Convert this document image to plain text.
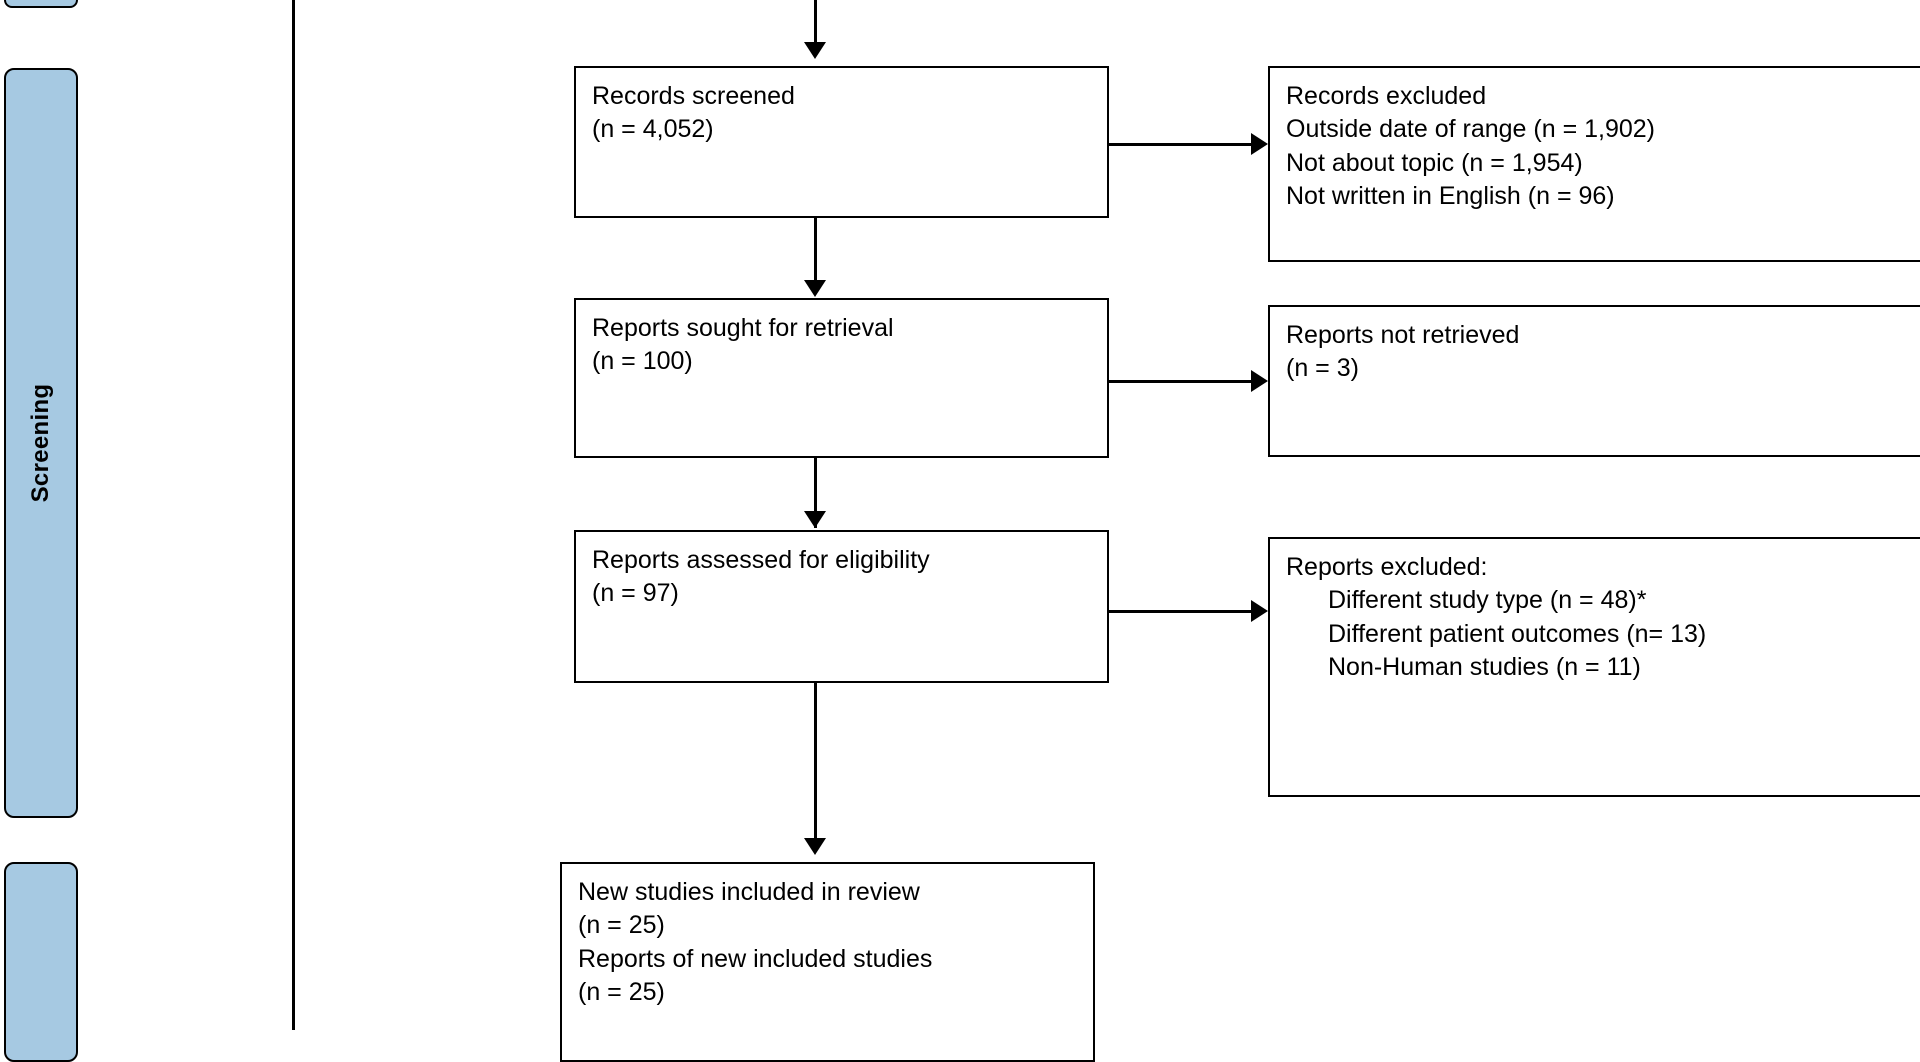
Screening
Records screened
(n = 4,052)
Records excluded
Outside date of range (n = 1,902)
Not about topic (n = 1,954)
Not written in English (n = 96)
Reports sought for retrieval
(n = 100)
Reports not retrieved
(n = 3)
Reports assessed for eligibility
(n = 97)
Reports excluded:
Different study type (n = 48)*
Different patient outcomes (n= 13)
Non-Human studies (n = 11)
New studies included in review
(n = 25)
Reports of new included studies
(n = 25)
